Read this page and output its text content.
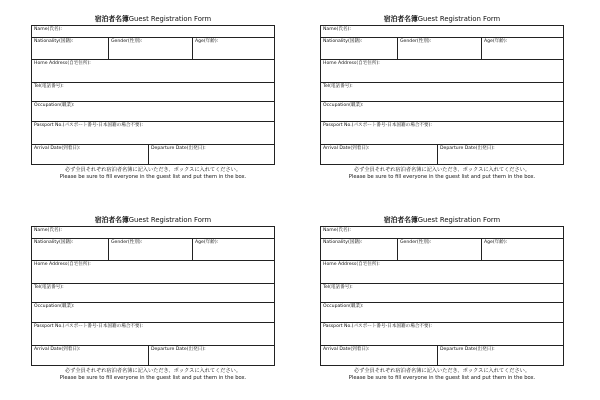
宿泊者名簿Guest Registration Form
Name(氏名):
Nationality(国籍):	Gender(性別):	Age(年齢):
Home Address(自宅住所):
Tel(電話番号):
Occupation(職業):
Passport No.(パスポート番号-日本国籍の場合不要):
Arrival Date(到着日):	Departure Date(出発日):
必ず全員それぞれ宿泊者名簿に記入いただき、ボックスに入れてください。
Please be sure to fill everyone in the guest list and put them in the box.
宿泊者名簿Guest Registration Form
Name(氏名):
Nationality(国籍):	Gender(性別):	Age(年齢):
Home Address(自宅住所):
Tel(電話番号):
Occupation(職業):
Passport No.(パスポート番号-日本国籍の場合不要):
Arrival Date(到着日):	Departure Date(出発日):
必ず全員それぞれ宿泊者名簿に記入いただき、ボックスに入れてください。
Please be sure to fill everyone in the guest list and put them in the box.
宿泊者名簿Guest Registration Form
Name(氏名):
Nationality(国籍):	Gender(性別):	Age(年齢):
Home Address(自宅住所):
Tel(電話番号):
Occupation(職業):
Passport No.(パスポート番号-日本国籍の場合不要):
Arrival Date(到着日):	Departure Date(出発日):
必ず全員それぞれ宿泊者名簿に記入いただき、ボックスに入れてください。
Please be sure to fill everyone in the guest list and put them in the box.
宿泊者名簿Guest Registration Form
Name(氏名):
Nationality(国籍):	Gender(性別):	Age(年齢):
Home Address(自宅住所):
Tel(電話番号):
Occupation(職業):
Passport No.(パスポート番号-日本国籍の場合不要):
Arrival Date(到着日):	Departure Date(出発日):
必ず全員それぞれ宿泊者名簿に記入いただき、ボックスに入れてください。
Please be sure to fill everyone in the guest list and put them in the box.
